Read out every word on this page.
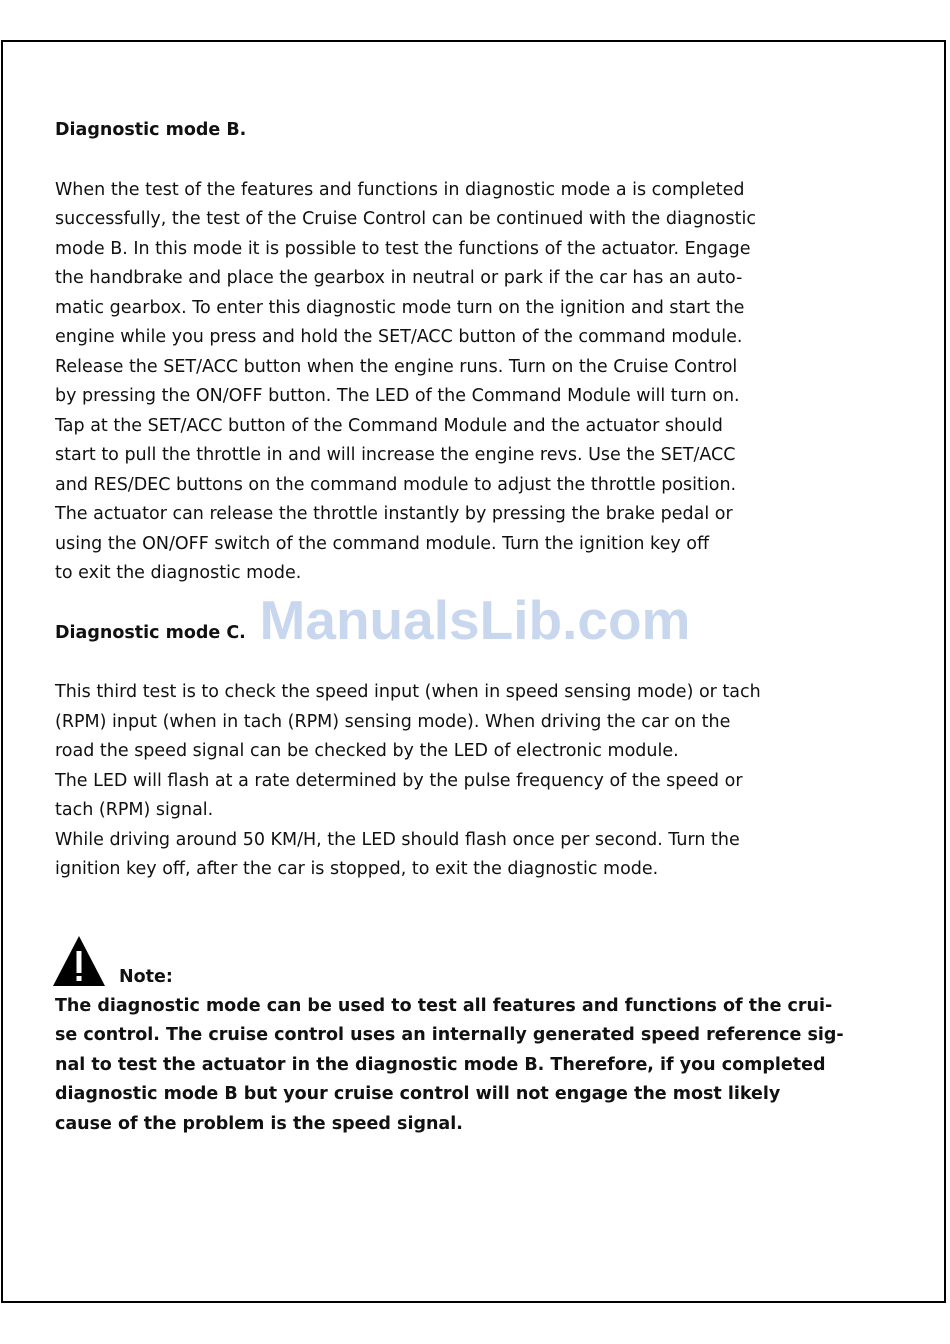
ManualsLib.com
Diagnostic mode B.
When the test of the features and functions in diagnostic mode a is completed
successfully, the test of the Cruise Control can be continued with the diagnostic
mode B. In this mode it is possible to test the functions of the actuator. Engage
the handbrake and place the gearbox in neutral or park if the car has an auto-
matic gearbox. To enter this diagnostic mode turn on the ignition and start the
engine while you press and hold the SET/ACC button of the command module.
Release the SET/ACC button when the engine runs. Turn on the Cruise Control
by pressing the ON/OFF button. The LED of the Command Module will turn on.
Tap at the SET/ACC button of the Command Module and the actuator should
start to pull the throttle in and will increase the engine revs. Use the SET/ACC
and RES/DEC buttons on the command module to adjust the throttle position.
The actuator can release the throttle instantly by pressing the brake pedal or
using the ON/OFF switch of the command module. Turn the ignition key off
to exit the diagnostic mode.
Diagnostic mode C.
This third test is to check the speed input (when in speed sensing mode) or tach
(RPM) input (when in tach (RPM) sensing mode). When driving the car on the
road the speed signal can be checked by the LED of electronic module.
The LED will flash at a rate determined by the pulse frequency of the speed or
tach (RPM) signal.
While driving around 50 KM/H, the LED should flash once per second. Turn the
ignition key off, after the car is stopped, to exit the diagnostic mode.
Note:
The diagnostic mode can be used to test all features and functions of the crui-
se control. The cruise control uses an internally generated speed reference sig-
nal to test the actuator in the diagnostic mode B. Therefore, if you completed
diagnostic mode B but your cruise control will not engage the most likely
cause of the problem is the speed signal.
